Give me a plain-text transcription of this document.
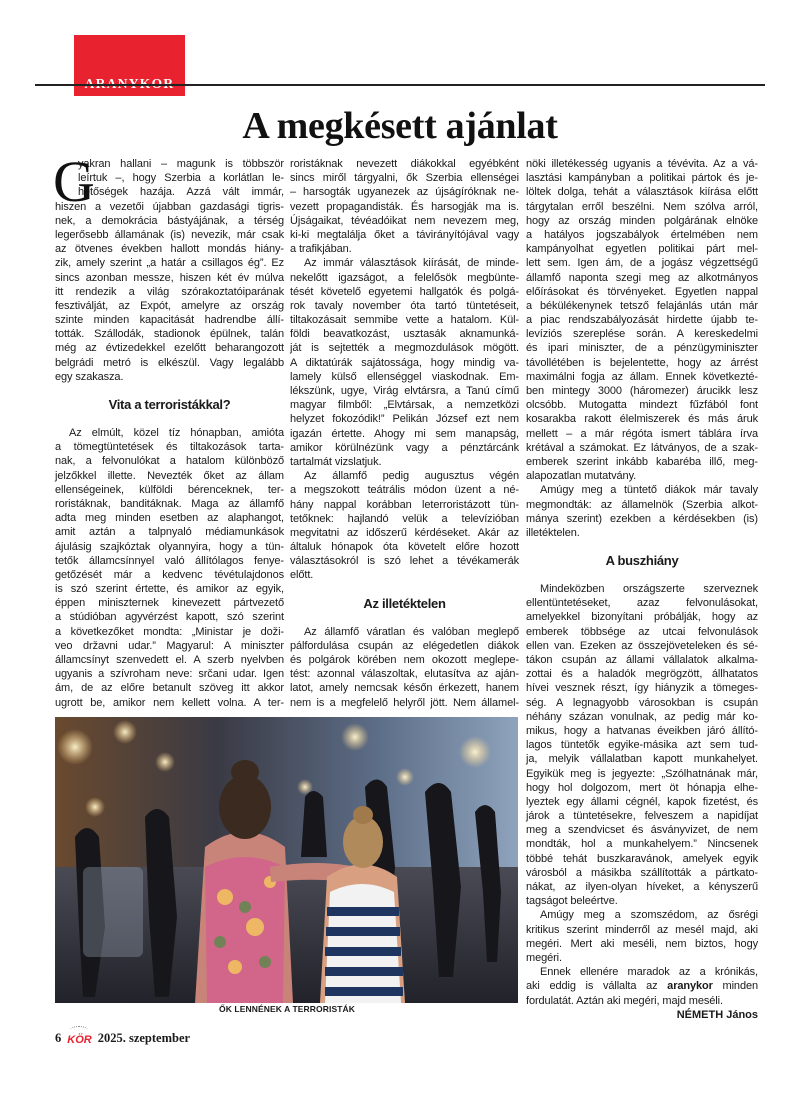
A megkésett ajánlat
G
yakran hallani – magunk is többször
leírtuk –, hogy Szerbia a korlátlan le-
hetőségek hazája. Azzá vált immár,
hiszen a vezetői újabban gazdasági tigris-
nek, a demokrácia bástyájának, a térség
legerősebb államának (is) nevezik, már csak
az ötvenes években hallott mondás hiány-
zik, amely szerint „a határ a csillagos ég”. Ez
sincs azonban messze, hiszen két év múlva
itt rendezik a világ szórakoztatóiparának
fesztiválját, az Expót, amelyre az ország
szinte minden kapacitását hadrendbe állí-
tották. Szállodák, stadionok épülnek, talán
még az évtizedekkel ezelőtt beharangozott
belgrádi metró is elkészül. Vagy legalább
egy szakasza.
Vita a terroristákkal?
Az elmúlt, közel tíz hónapban, amióta
a tömegtüntetések és tiltakozások tarta-
nak, a felvonulókat a hatalom különböző
jelzőkkel illette. Nevezték őket az állam
ellenségeinek, külföldi bérenceknek, ter-
roristáknak, banditáknak. Maga az államfő
adta meg minden esetben az alaphangot,
amit aztán a talpnyaló médiamunkások
ájulásig szajkóztak olyannyira, hogy a tün-
tetők államcsínnyel való állítólagos fenye-
getőzését már a kedvenc tévétulajdonos
is szó szerint értette, és amikor az egyik,
éppen miniszternek kinevezett pártvezető
a stúdióban agyvérzést kapott, szó szerint
a következőket mondta: „Ministar je doži-
veo državni udar.” Magyarul: A miniszter
államcsínyt szenvedett el. A szerb nyelvben
ugyanis a szívroham neve: srčani udar. Igen
ám, de az előre betanult szöveg itt akkor
ugrott be, amikor nem kellett volna. A ter-
roristáknak nevezett diákokkal egyébként
sincs miről tárgyalni, ők Szerbia ellenségei
– harsogták ugyanezek az újságíróknak ne-
vezett propagandisták. És harsogják ma is.
Újságaikat, tévéadóikat nem nevezem meg,
ki-ki megtalálja őket a távirányítójával vagy
a trafikjában.
Az immár választások kiírását, de minde-
nekelőtt igazságot, a felelősök megbünte-
tését követelő egyetemi hallgatók és polgá-
rok tavaly november óta tartó tüntetéseit,
tiltakozásait semmibe vette a hatalom. Kül-
földi beavatkozást, usztasák aknamunká-
ját is sejtették a megmozdulások mögött.
A diktatúrák sajátossága, hogy mindig va-
lamely külső ellenséggel viaskodnak. Em-
lékszünk, ugye, Virág elvtársra, a Tanú című
magyar filmből: „Elvtársak, a nemzetközi
helyzet fokozódik!” Pelikán József ezt nem
igazán értette. Ahogy mi sem manapság,
amikor körülnézünk vagy a pénztárcánk
tartalmát vizslatjuk.
Az államfő pedig augusztus végén
a megszokott teátrális módon üzent a né-
hány nappal korábban leterroristázott tün-
tetőknek: hajlandó velük a televízióban
megvitatni az időszerű kérdéseket. Akár az
általuk hónapok óta követelt előre hozott
választásokról is szó lehet a tévékamerák
előtt.
Az illetéktelen
Az államfő váratlan és valóban meglepő
pálfordulása csupán az elégedetlen diákok
és polgárok körében nem okozott meglepe-
tést: azonnal válaszoltak, elutasítva az aján-
latot, amely nemcsak későn érkezett, hanem
nem is a megfelelő helyről jött. Nem államel-
nöki illetékesség ugyanis a tévévita. Az a vá-
lasztási kampányban a politikai pártok és je-
löltek dolga, tehát a választások kiírása előtt
tárgytalan erről beszélni. Nem szólva arról,
hogy az ország minden polgárának elnöke
a hatályos jogszabályok értelmében nem
kampányolhat egyetlen politikai párt mel-
lett sem. Igen ám, de a jogász végzettségű
államfő naponta szegi meg az alkotmányos
előírásokat és törvényeket. Egyetlen nappal
a békülékenynek tetsző felajánlás után már
a piac rendszabályozását hirdette újabb te-
levíziós szereplése során. A kereskedelmi
és ipari miniszter, de a pénzügyminiszter
távollétében is bejelentette, hogy az árrést
maximálni fogja az állam. Ennek következté-
ben mintegy 3000 (háromezer) árucikk lesz
olcsóbb. Mutogatta mindezt fűzfából font
kosarakba rakott élelmiszerek és más áruk
mellett – a már régóta ismert táblára írva
krétával a számokat. Ez látványos, de a szak-
emberek szerint inkább kabaréba illő, meg-
alapozatlan mutatvány.
Amúgy meg a tüntető diákok már tavaly
megmondták: az államelnök (Szerbia alkot-
mánya szerint) ezekben a kérdésekben (is)
illetéktelen.
A buszhiány
Mindeközben országszerte szerveznek
ellentüntetéseket, azaz felvonulásokat,
amelyekkel bizonyítani próbálják, hogy az
emberek többsége az utcai felvonulások
ellen van. Ezeken az összejöveteleken és sé-
tákon csupán az állami vállalatok alkalma-
zottai és a haladók megrögzött, állhatatos
hívei vesznek részt, így hiányzik a tömeges-
ség. A legnagyobb városokban is csupán
néhány százan vonulnak, az pedig már ko-
mikus, hogy a hatvanas éveikben járó állító-
lagos tüntetők egyike-másika azt sem tud-
ja, melyik vállalatban kapott munkahelyet.
Egyikük meg is jegyezte: „Szólhatnának már,
hogy hol dolgozom, mert öt hónapja elhe-
lyeztek egy állami cégnél, kapok fizetést, és
járok a tüntetésekre, felveszem a napidíjat
meg a szendvicset és ásványvizet, de nem
mondták, hol a munkahelyem.” Nincsenek
többé tehát buszkaravánok, amelyek egyik
városból a másikba szállították a pártkato-
nákat, az ilyen-olyan híveket, a kényszerű
tagságot beleértve.
Amúgy meg a szomszédom, az ősrégi
kritikus szerint minderről az mesél majd, aki
megéri. Mert aki meséli, nem biztos, hogy
megéri.
Ennek ellenére maradok az a krónikás,
aki eddig is vállalta az aranykor minden
fordulatát. Aztán aki megéri, majd meséli.
NÉMETH János
ŐK LENNÉNEK A TERRORISTÁK
6 KÖR 2025. szeptember
